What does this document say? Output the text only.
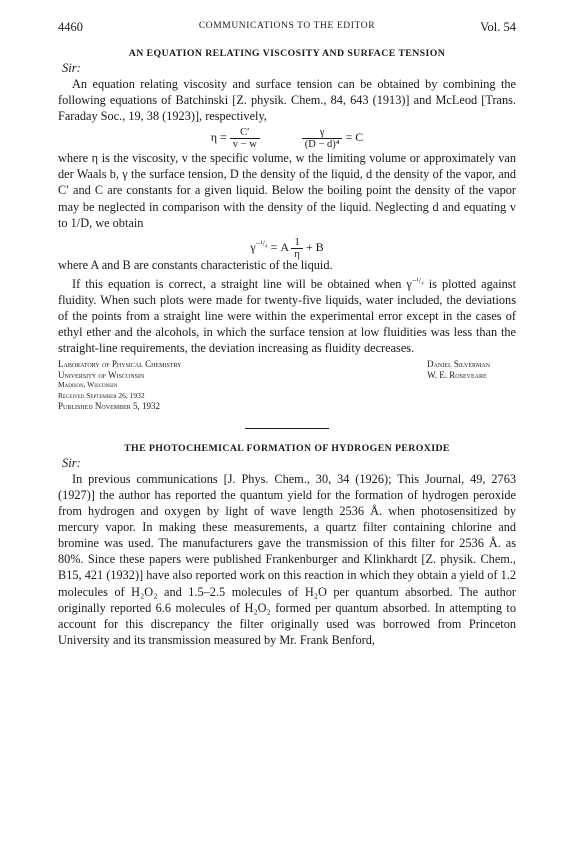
4460	COMMUNICATIONS TO THE EDITOR	Vol. 54
AN EQUATION RELATING VISCOSITY AND SURFACE TENSION
Sir:

An equation relating viscosity and surface tension can be obtained by combining the following equations of Batchinski [Z. physik. Chem., 84, 643 (1913)] and McLeod [Trans. Faraday Soc., 19, 38 (1923)], respectively,

$\eta = \frac{C'}{v - w}$
	$\frac{\gamma}{\text{(D − d)⁴}} = C$

where η is the viscosity, v the specific volume, w the limiting volume or approximately van der Waals b, γ the surface tension, D the density of the liquid, d the density of the vapor, and C′ and C are constants for a given liquid. Below the boiling point the density of the vapor may be neglected in comparison with the density of the liquid. Neglecting d and equating v to 1/D, we obtain

$\gamma^{-^1/_4} = A \frac{1}{\eta} + B$

where A and B are constants characteristic of the liquid.

If this equation is correct, a straight line will be obtained when $\gamma^{-^1/_4}$ is plotted against fluidity. When such plots were made for twenty-five liquids, water included, the deviations of the points from a straight line were within the experimental error except in the cases of ethyl ether and the alcohols, in which the surface tension at low fluidities was less than the straight-line requirements, the deviation increasing as fluidity decreases.

Laboratory of Physical Chemistry
University of Wisconsin
Madison, Wisconsin
Received September 26, 1932
Published November 5, 1932
Daniel Silverman
W. E. Roseveare
THE PHOTOCHEMICAL FORMATION OF HYDROGEN PEROXIDE
Sir:

In previous communications [J. Phys. Chem., 30, 34 (1926); This Journal, 49, 2763 (1927)] the author has reported the quantum yield for the formation of hydrogen peroxide from hydrogen and oxygen by light of wave length 2536 Å. when photosensitized by mercury vapor. In making these measurements, a quartz filter containing chlorine and bromine was used. The manufacturers gave the transmission of this filter for 2536 Å. as 80%. Since these papers were published Frankenburger and Klinkhardt [Z. physik. Chem., B15, 421 (1932)] have also reported work on this reaction in which they obtain a yield of 1.2 molecules of H₂O₂ and 1.5–2.5 molecules of H₂O per quantum absorbed. The author originally reported 6.6 molecules of H₂O₂ formed per quantum absorbed. In attempting to account for this discrepancy the filter originally used was borrowed from Princeton University and its transmission measured by Mr. Frank Benford,
